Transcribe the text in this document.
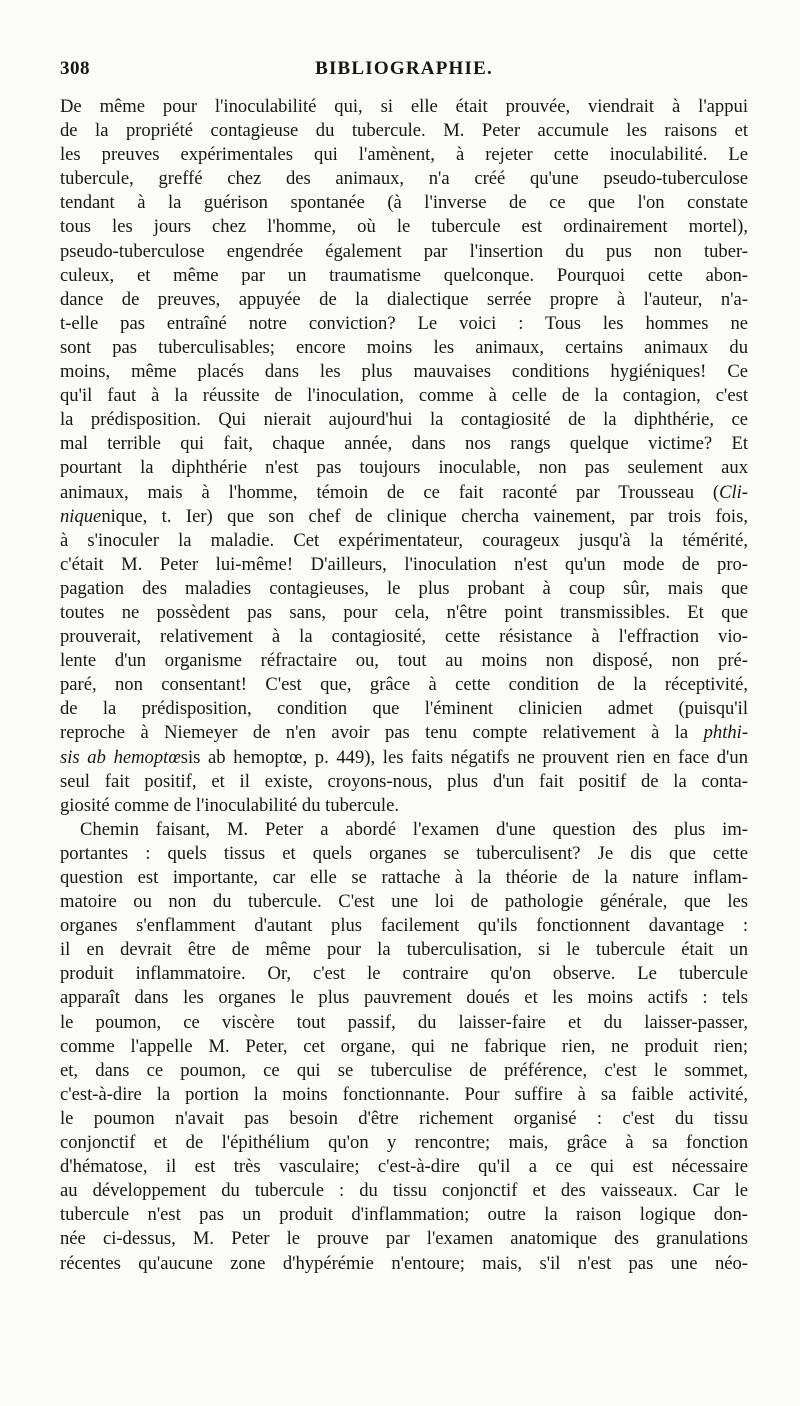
308	BIBLIOGRAPHIE.
De même pour l'inoculabilité qui, si elle était prouvée, viendrait à l'appui
de la propriété contagieuse du tubercule. M. Peter accumule les raisons et
les preuves expérimentales qui l'amènent, à rejeter cette inoculabilité. Le
tubercule, greffé chez des animaux, n'a créé qu'une pseudo-tuberculose
tendant à la guérison spontanée (à l'inverse de ce que l'on constate
tous les jours chez l'homme, où le tubercule est ordinairement mortel),
pseudo-tuberculose engendrée également par l'insertion du pus non tuber-
culeux, et même par un traumatisme quelconque. Pourquoi cette abon-
dance de preuves, appuyée de la dialectique serrée propre à l'auteur, n'a-
t-elle pas entraîné notre conviction? Le voici : Tous les hommes ne
sont pas tuberculisables; encore moins les animaux, certains animaux du
moins, même placés dans les plus mauvaises conditions hygiéniques! Ce
qu'il faut à la réussite de l'inoculation, comme à celle de la contagion, c'est
la prédisposition. Qui nierait aujourd'hui la contagiosité de la diphthérie, ce
mal terrible qui fait, chaque année, dans nos rangs quelque victime? Et
pourtant la diphthérie n'est pas toujours inoculable, non pas seulement aux
animaux, mais à l'homme, témoin de ce fait raconté par Trousseau (Cli-
niquenique, t. Ier) que son chef de clinique chercha vainement, par trois fois,
à s'inoculer la maladie. Cet expérimentateur, courageux jusqu'à la témérité,
c'était M. Peter lui-même! D'ailleurs, l'inoculation n'est qu'un mode de pro-
pagation des maladies contagieuses, le plus probant à coup sûr, mais que
toutes ne possèdent pas sans, pour cela, n'être point transmissibles. Et que
prouverait, relativement à la contagiosité, cette résistance à l'effraction vio-
lente d'un organisme réfractaire ou, tout au moins non disposé, non pré-
paré, non consentant! C'est que, grâce à cette condition de la réceptivité,
de la prédisposition, condition que l'éminent clinicien admet (puisqu'il
reproche à Niemeyer de n'en avoir pas tenu compte relativement à la phthi-
sis ab hemoptœsis ab hemoptœ, p. 449), les faits négatifs ne prouvent rien en face d'un
seul fait positif, et il existe, croyons-nous, plus d'un fait positif de la conta-
giosité comme de l'inoculabilité du tubercule.
Chemin faisant, M. Peter a abordé l'examen d'une question des plus im-
portantes : quels tissus et quels organes se tuberculisent? Je dis que cette
question est importante, car elle se rattache à la théorie de la nature inflam-
matoire ou non du tubercule. C'est une loi de pathologie générale, que les
organes s'enflamment d'autant plus facilement qu'ils fonctionnent davantage :
il en devrait être de même pour la tuberculisation, si le tubercule était un
produit inflammatoire. Or, c'est le contraire qu'on observe. Le tubercule
apparaît dans les organes le plus pauvrement doués et les moins actifs : tels
le poumon, ce viscère tout passif, du laisser-faire et du laisser-passer,
comme l'appelle M. Peter, cet organe, qui ne fabrique rien, ne produit rien;
et, dans ce poumon, ce qui se tuberculise de préférence, c'est le sommet,
c'est-à-dire la portion la moins fonctionnante. Pour suffire à sa faible activité,
le poumon n'avait pas besoin d'être richement organisé : c'est du tissu
conjonctif et de l'épithélium qu'on y rencontre; mais, grâce à sa fonction
d'hématose, il est très vasculaire; c'est-à-dire qu'il a ce qui est nécessaire
au développement du tubercule : du tissu conjonctif et des vaisseaux. Car le
tubercule n'est pas un produit d'inflammation; outre la raison logique don-
née ci-dessus, M. Peter le prouve par l'examen anatomique des granulations
récentes qu'aucune zone d'hypérémie n'entoure; mais, s'il n'est pas une néo-
